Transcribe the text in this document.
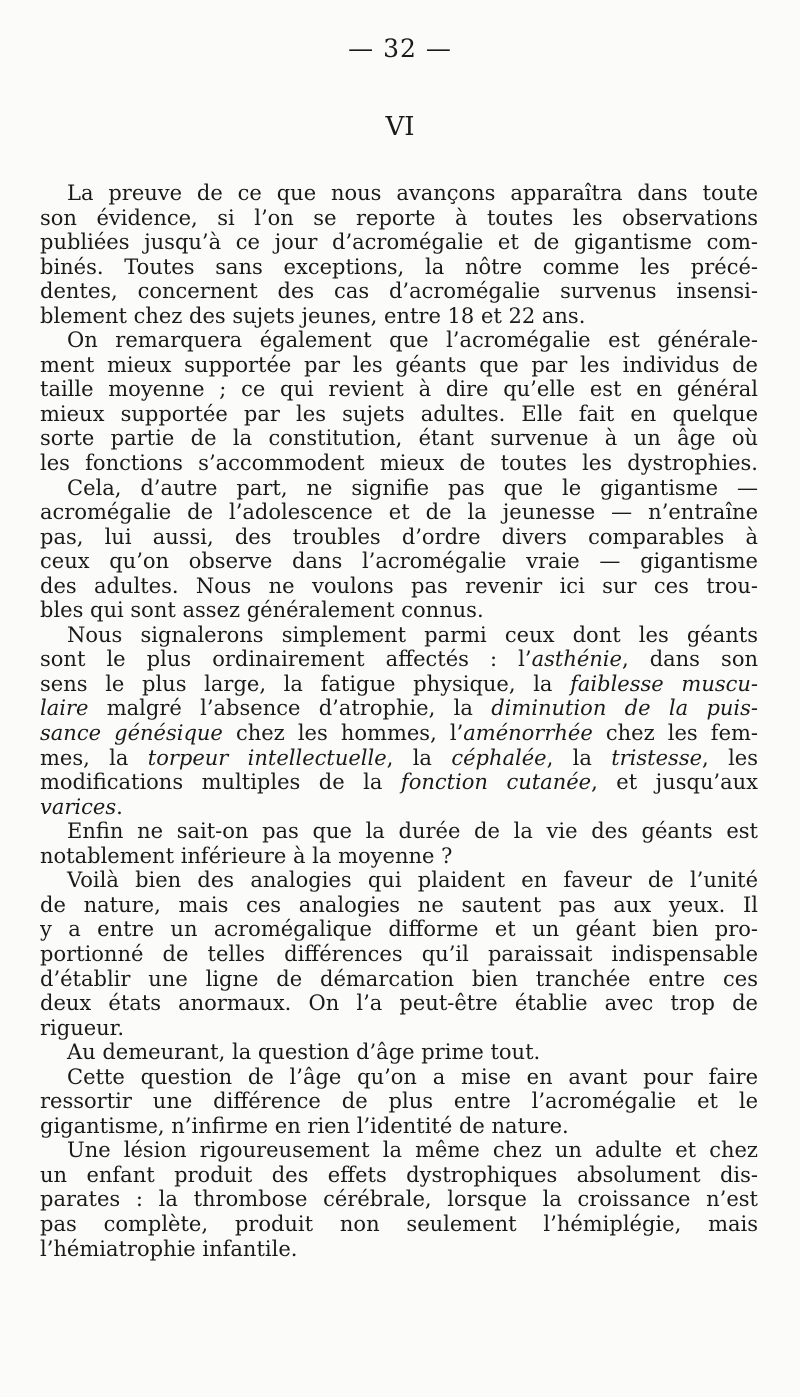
— 32 —
VI
La preuve de ce que nous avançons apparaîtra dans toute
son évidence, si l’on se reporte à toutes les observations
publiées jusqu’à ce jour d’acromégalie et de gigantisme com-
binés. Toutes sans exceptions, la nôtre comme les précé-
dentes, concernent des cas d’acromégalie survenus insensi-
blement chez des sujets jeunes, entre 18 et 22 ans.
On remarquera également que l’acromégalie est générale-
ment mieux supportée par les géants que par les individus de
taille moyenne ; ce qui revient à dire qu’elle est en général
mieux supportée par les sujets adultes. Elle fait en quelque
sorte partie de la constitution, étant survenue à un âge où
les fonctions s’accommodent mieux de toutes les dystrophies.
Cela, d’autre part, ne signifie pas que le gigantisme —
acromégalie de l’adolescence et de la jeunesse — n’entraîne
pas, lui aussi, des troubles d’ordre divers comparables à
ceux qu’on observe dans l’acromégalie vraie — gigantisme
des adultes. Nous ne voulons pas revenir ici sur ces trou-
bles qui sont assez généralement connus.
Nous signalerons simplement parmi ceux dont les géants
sont le plus ordinairement affectés : l’asthénie, dans son
sens le plus large, la fatigue physique, la faiblesse muscu-
laire malgré l’absence d’atrophie, la diminution de la puis-
sance génésique chez les hommes, l’aménorrhée chez les fem-
mes, la torpeur intellectuelle, la céphalée, la tristesse, les
modifications multiples de la fonction cutanée, et jusqu’aux
varices.
Enfin ne sait-on pas que la durée de la vie des géants est
notablement inférieure à la moyenne ?
Voilà bien des analogies qui plaident en faveur de l’unité
de nature, mais ces analogies ne sautent pas aux yeux. Il
y a entre un acromégalique difforme et un géant bien pro-
portionné de telles différences qu’il paraissait indispensable
d’établir une ligne de démarcation bien tranchée entre ces
deux états anormaux. On l’a peut-être établie avec trop de
rigueur.
Au demeurant, la question d’âge prime tout.
Cette question de l’âge qu’on a mise en avant pour faire
ressortir une différence de plus entre l’acromégalie et le
gigantisme, n’infirme en rien l’identité de nature.
Une lésion rigoureusement la même chez un adulte et chez
un enfant produit des effets dystrophiques absolument dis-
parates : la thrombose cérébrale, lorsque la croissance n’est
pas complète, produit non seulement l’hémiplégie, mais
l’hémiatrophie infantile.
